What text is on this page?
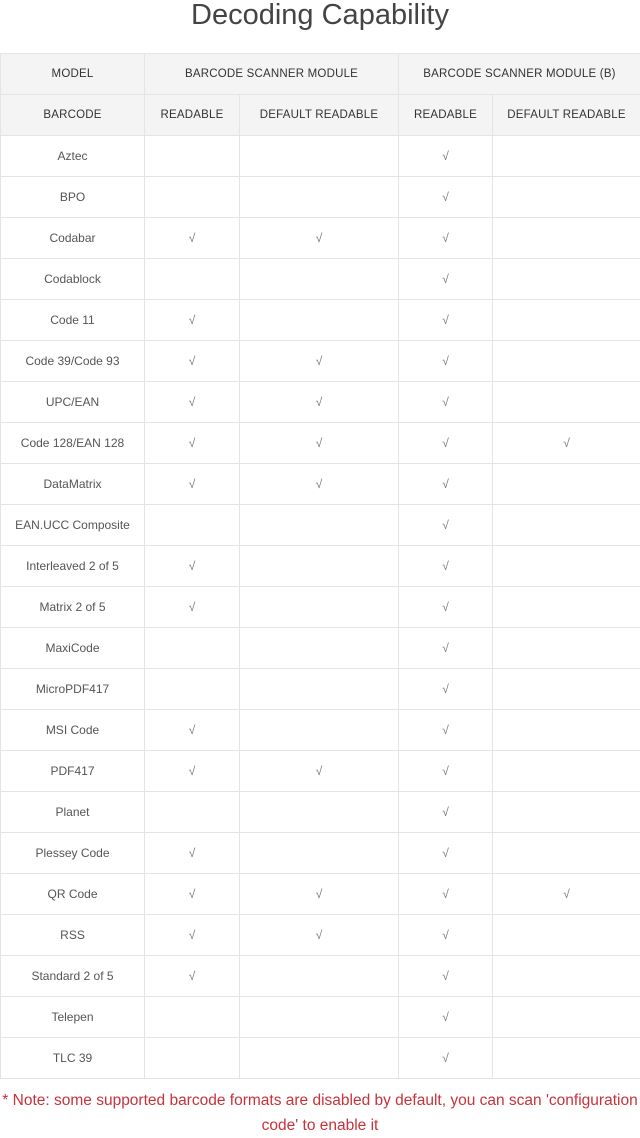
Decoding Capability
MODEL	BARCODE SCANNER MODULE		BARCODE SCANNER MODULE (B)	
BARCODE	READABLE	DEFAULT READABLE	READABLE	DEFAULT READABLE
Aztec			√	
BPO			√	
Codabar	√	√	√	
Codablock			√	
Code 11	√		√	
Code 39/Code 93	√	√	√	
UPC/EAN	√	√	√	
Code 128/EAN 128	√	√	√	√
DataMatrix	√	√	√	
EAN.UCC Composite			√	
Interleaved 2 of 5	√		√	
Matrix 2 of 5	√		√	
MaxiCode			√	
MicroPDF417			√	
MSI Code	√		√	
PDF417	√	√	√	
Planet			√	
Plessey Code	√		√	
QR Code	√	√	√	√
RSS	√	√	√	
Standard 2 of 5	√		√	
Telepen			√	
TLC 39			√	
* Note: some supported barcode formats are disabled by default, you can scan 'configuration code' to enable it
